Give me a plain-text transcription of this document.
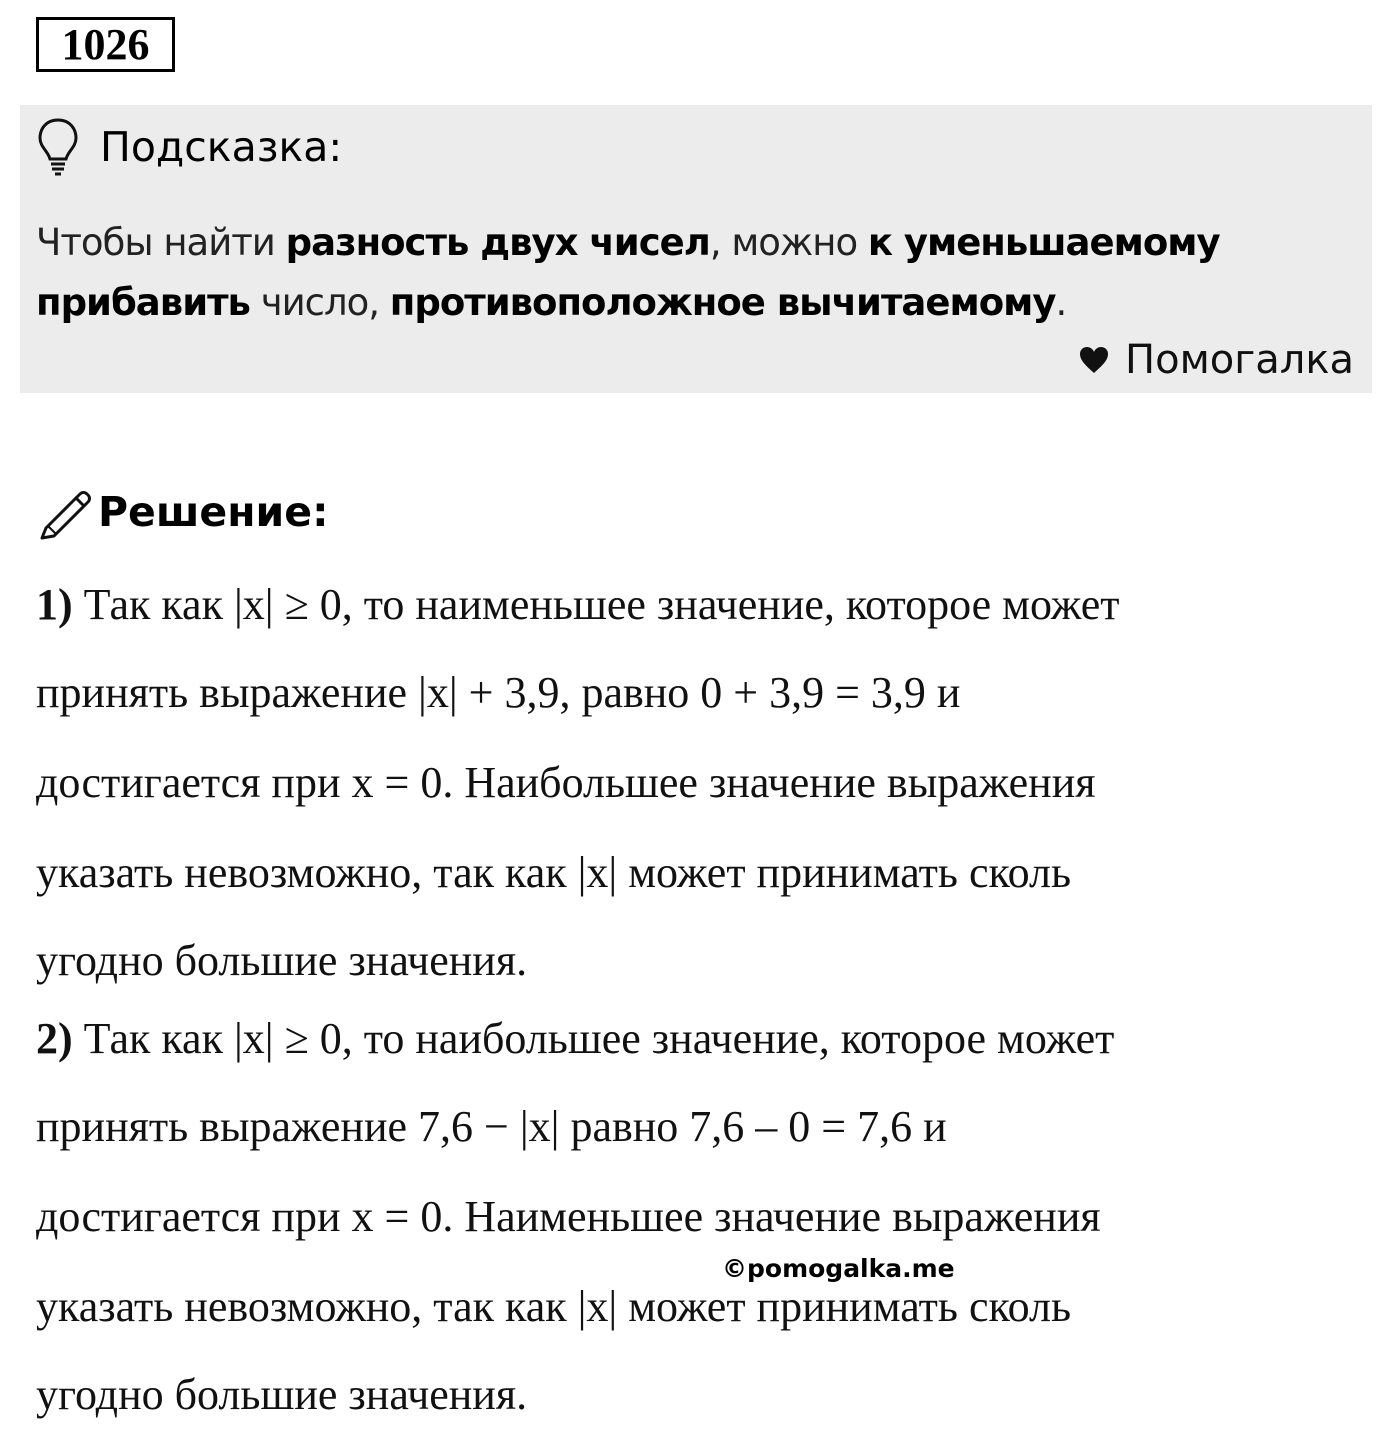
1026
Подсказка:
Чтобы найти разность двух чисел, можно к уменьшаемому прибавить число, противоположное вычитаемому.
Помогалка
Решение:
1) Так как |x| ≥ 0, то наименьшее значение, которое может
принять выражение |x| + 3,9, равно 0 + 3,9 = 3,9 и
достигается при x = 0. Наибольшее значение выражения
указать невозможно, так как |x| может принимать сколь
угодно большие значения.
2) Так как |x| ≥ 0, то наибольшее значение, которое может
принять выражение 7,6 − |x| равно 7,6 – 0 = 7,6 и
достигается при x = 0. Наименьшее значение выражения
указать невозможно, так как |x| может принимать сколь
угодно большие значения.
©pomogalka.me
